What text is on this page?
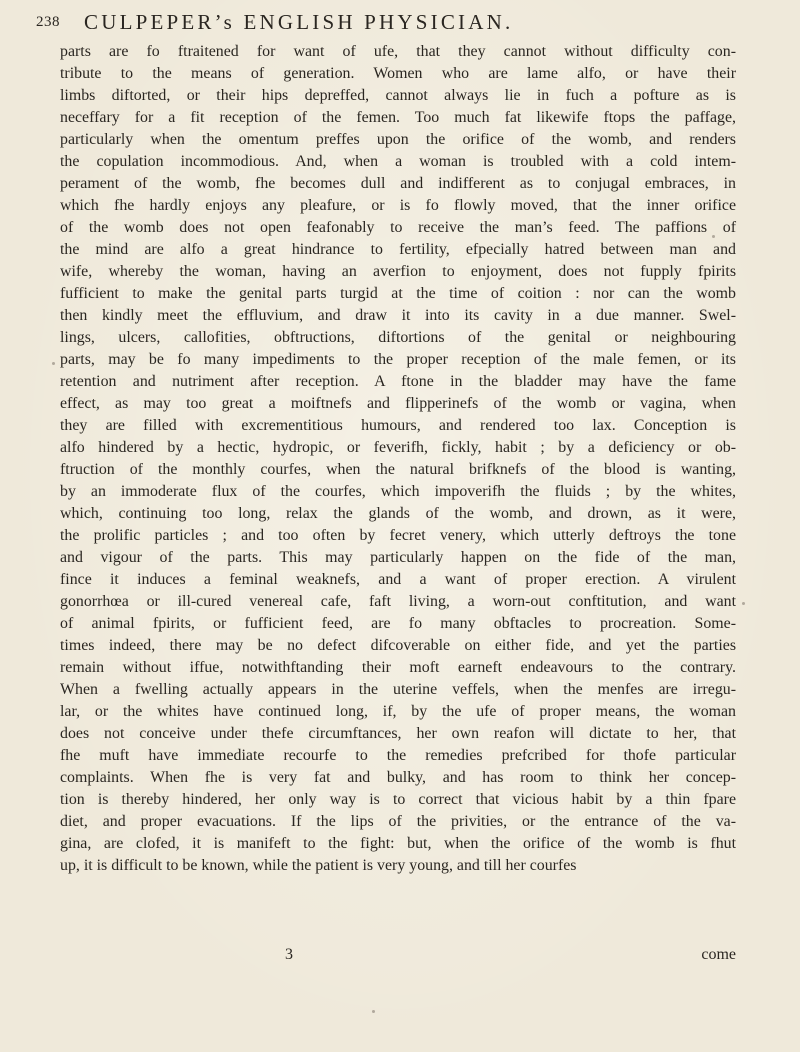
238 CULPEPER’s ENGLISH PHYSICIAN.
parts are fo ftraitened for want of ufe, that they cannot without difficulty con-
tribute to the means of generation. Women who are lame alfo, or have their
limbs diftorted, or their hips depreffed, cannot always lie in fuch a pofture as is
neceffary for a fit reception of the femen. Too much fat likewife ftops the paffage,
particularly when the omentum preffes upon the orifice of the womb, and renders
the copulation incommodious. And, when a woman is troubled with a cold intem-
perament of the womb, fhe becomes dull and indifferent as to conjugal embraces, in
which fhe hardly enjoys any pleafure, or is fo flowly moved, that the inner orifice
of the womb does not open feafonably to receive the man’s feed. The paffions of
the mind are alfo a great hindrance to fertility, efpecially hatred between man and
wife, whereby the woman, having an averfion to enjoyment, does not fupply fpirits
fufficient to make the genital parts turgid at the time of coition : nor can the womb
then kindly meet the effluvium, and draw it into its cavity in a due manner. Swel-
lings, ulcers, callofities, obftructions, diftortions of the genital or neighbouring
parts, may be fo many impediments to the proper reception of the male femen, or its
retention and nutriment after reception. A ftone in the bladder may have the fame
effect, as may too great a moiftnefs and flipperinefs of the womb or vagina, when
they are filled with excrementitious humours, and rendered too lax. Conception is
alfo hindered by a hectic, hydropic, or feverifh, fickly, habit ; by a deficiency or ob-
ftruction of the monthly courfes, when the natural brifknefs of the blood is wanting,
by an immoderate flux of the courfes, which impoverifh the fluids ; by the whites,
which, continuing too long, relax the glands of the womb, and drown, as it were,
the prolific particles ; and too often by fecret venery, which utterly deftroys the tone
and vigour of the parts. This may particularly happen on the fide of the man,
fince it induces a feminal weaknefs, and a want of proper erection. A virulent
gonorrhœa or ill-cured venereal cafe, faft living, a worn-out conftitution, and want
of animal fpirits, or fufficient feed, are fo many obftacles to procreation. Some-
times indeed, there may be no defect difcoverable on either fide, and yet the parties
remain without iffue, notwithftanding their moft earneft endeavours to the contrary.
When a fwelling actually appears in the uterine veffels, when the menfes are irregu-
lar, or the whites have continued long, if, by the ufe of proper means, the woman
does not conceive under thefe circumftances, her own reafon will dictate to her, that
fhe muft have immediate recourfe to the remedies prefcribed for thofe particular
complaints. When fhe is very fat and bulky, and has room to think her concep-
tion is thereby hindered, her only way is to correct that vicious habit by a thin fpare
diet, and proper evacuations. If the lips of the privities, or the entrance of the va-
gina, are clofed, it is manifeft to the fight: but, when the orifice of the womb is fhut
up, it is difficult to be known, while the patient is very young, and till her courfes
3	come
